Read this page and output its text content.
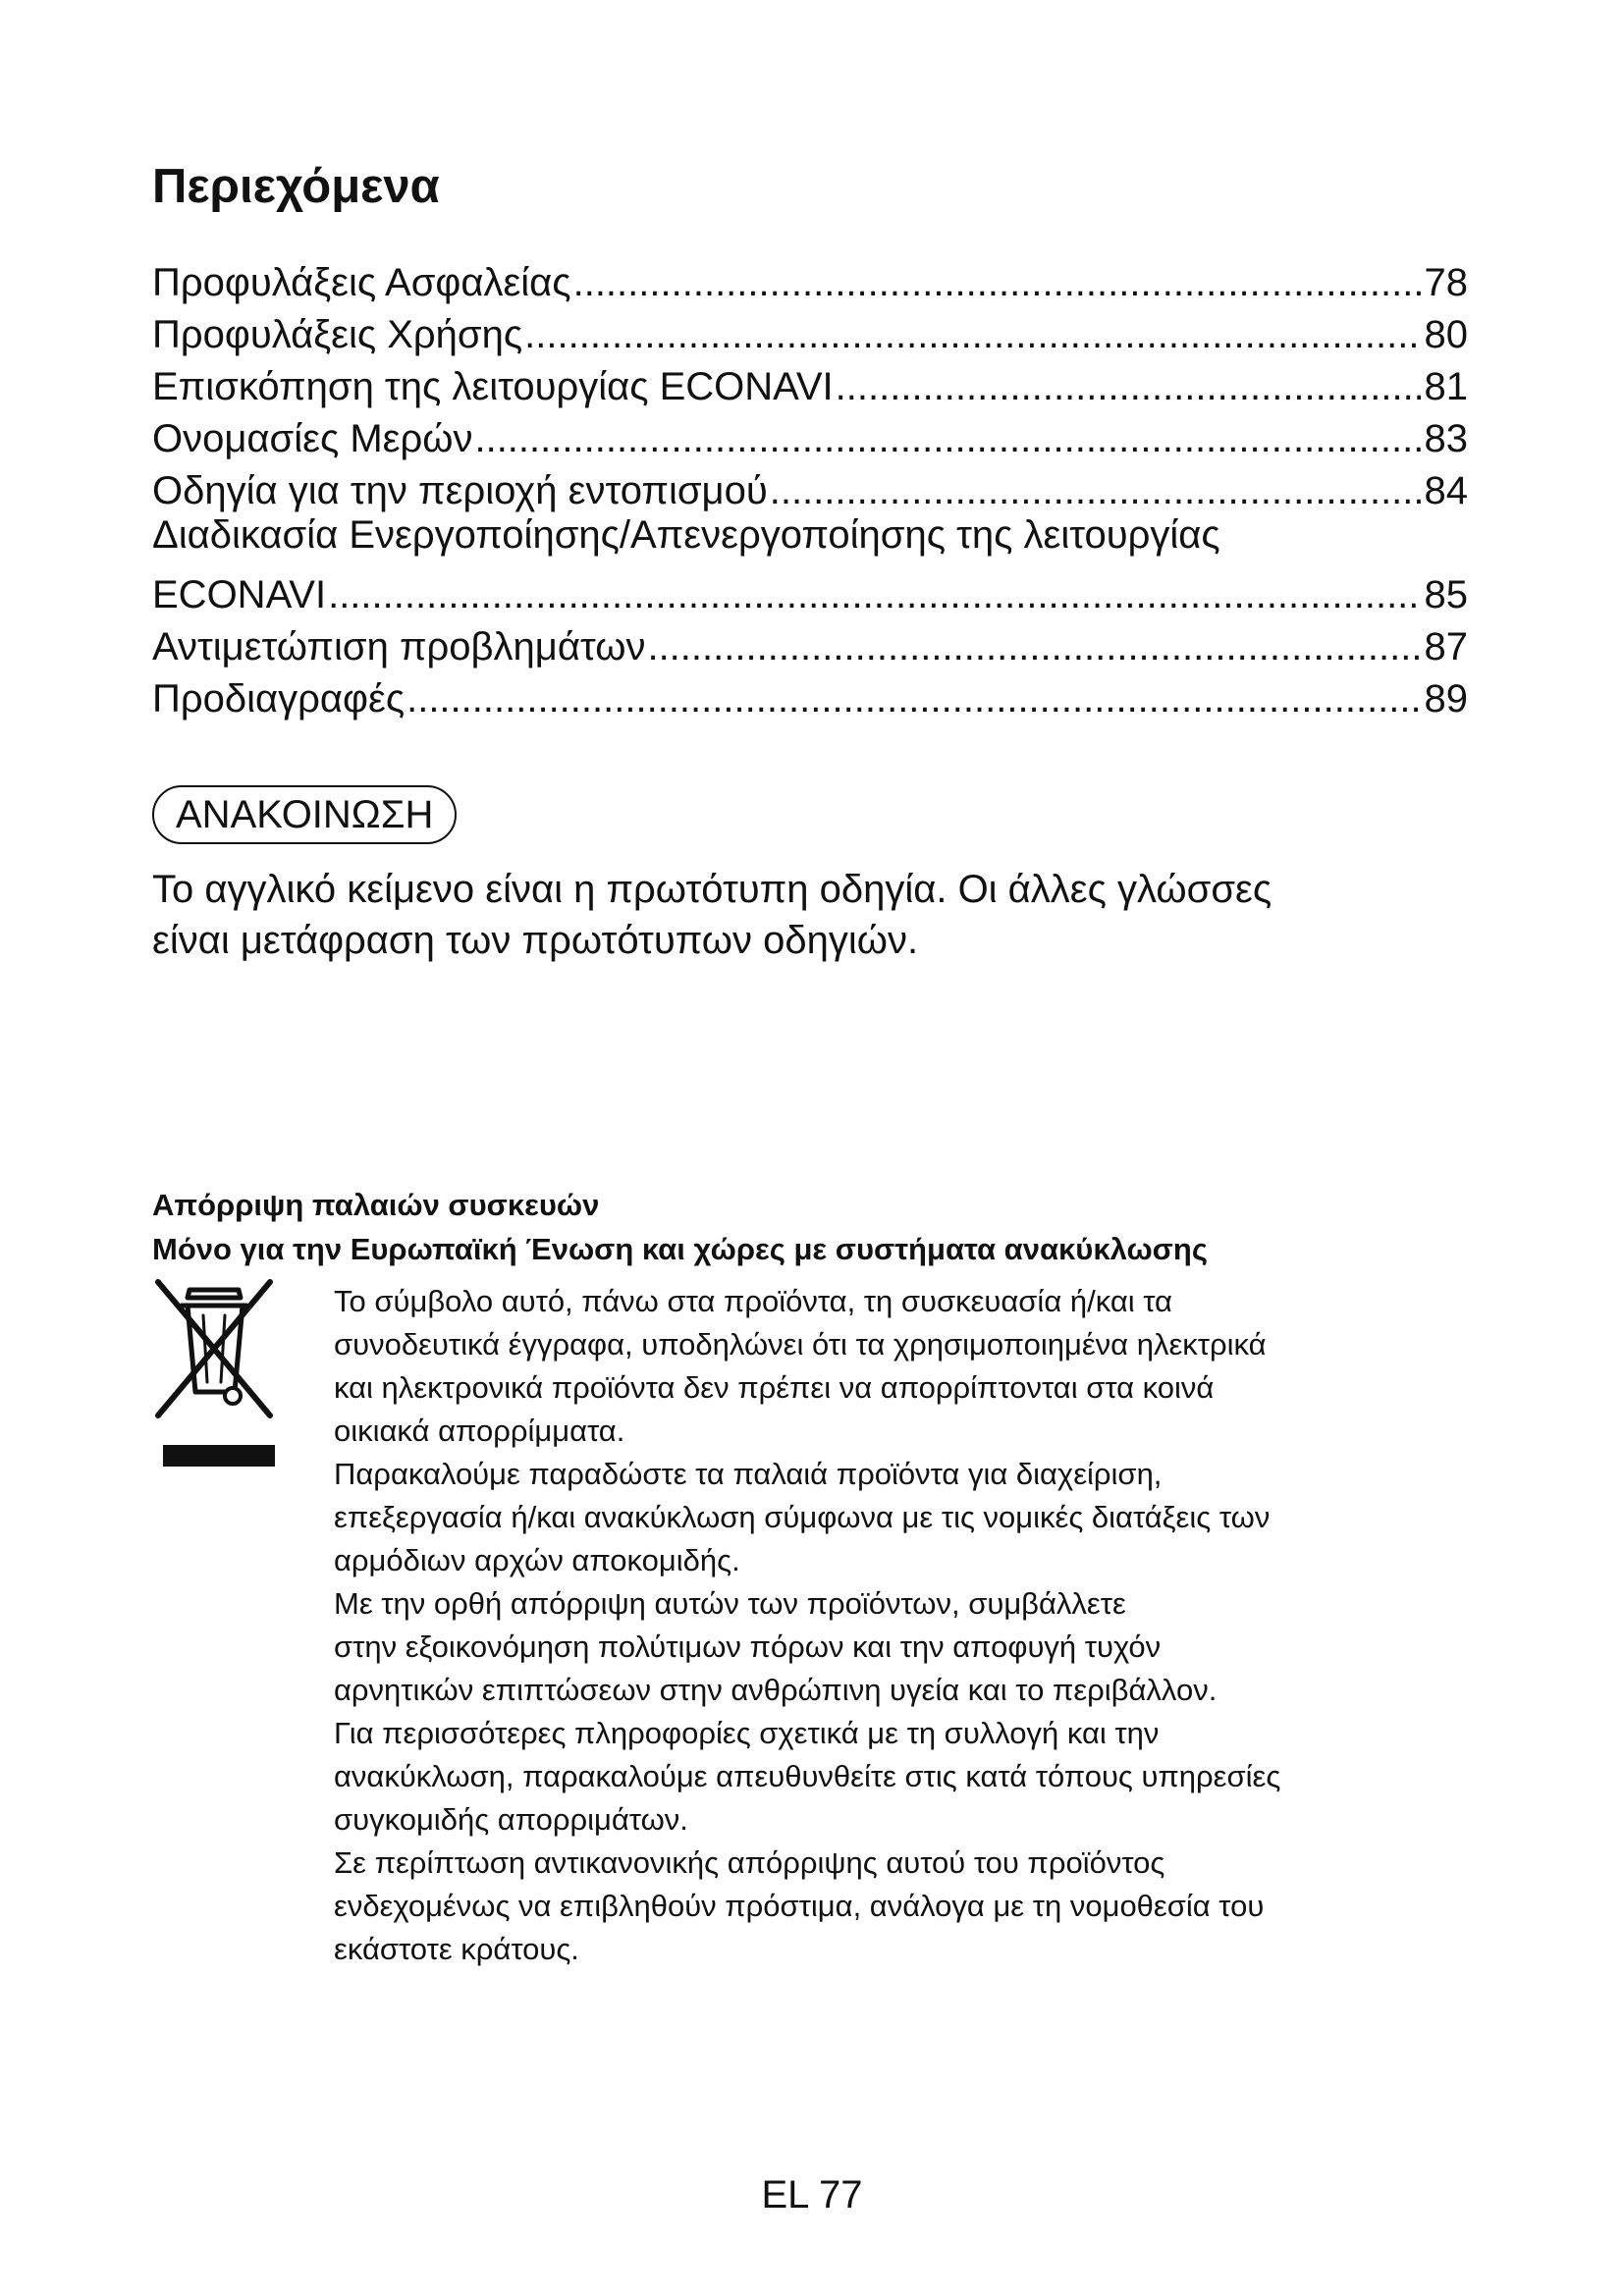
Περιεχόμενα
Προφυλάξεις Ασφαλείας .....	78
Προφυλάξεις Χρήσης .....	80
Επισκόπηση της λειτουργίας ECONAVI .....	81
Ονομασίες Μερών .....	83
Οδηγία για την περιοχή εντοπισμού .....	84
Διαδικασία Ενεργοποίησης/Απενεργοποίησης της λειτουργίας
ECONAVI .....	85
Αντιμετώπιση προβλημάτων .....	87
Προδιαγραφές .....	89
ΑΝΑΚΟΙΝΩΣΗ
Το αγγλικό κείμενο είναι η πρωτότυπη οδηγία. Οι άλλες γλώσσες
είναι μετάφραση των πρωτότυπων οδηγιών.
Απόρριψη παλαιών συσκευών
Μόνο για την Ευρωπαϊκή Ένωση και χώρες με συστήματα ανακύκλωσης

Το σύμβολο αυτό, πάνω στα προϊόντα, τη συσκευασία ή/και τα

συνοδευτικά έγγραφα, υποδηλώνει ότι τα χρησιμοποιημένα ηλεκτρικά

και ηλεκτρονικά προϊόντα δεν πρέπει να απορρίπτονται στα κοινά

οικιακά απορρίμματα.

Παρακαλούμε παραδώστε τα παλαιά προϊόντα για διαχείριση,

επεξεργασία ή/και ανακύκλωση σύμφωνα με τις νομικές διατάξεις των

αρμόδιων αρχών αποκομιδής.

Με την ορθή απόρριψη αυτών των προϊόντων, συμβάλλετε

στην εξοικονόμηση πολύτιμων πόρων και την αποφυγή τυχόν

αρνητικών επιπτώσεων στην ανθρώπινη υγεία και το περιβάλλον.

Για περισσότερες πληροφορίες σχετικά με τη συλλογή και την

ανακύκλωση, παρακαλούμε απευθυνθείτε στις κατά τόπους υπηρεσίες

συγκομιδής απορριμάτων.

Σε περίπτωση αντικανονικής απόρριψης αυτού του προϊόντος

ενδεχομένως να επιβληθούν πρόστιμα, ανάλογα με τη νομοθεσία του

εκάστοτε κράτους.

EL 77
